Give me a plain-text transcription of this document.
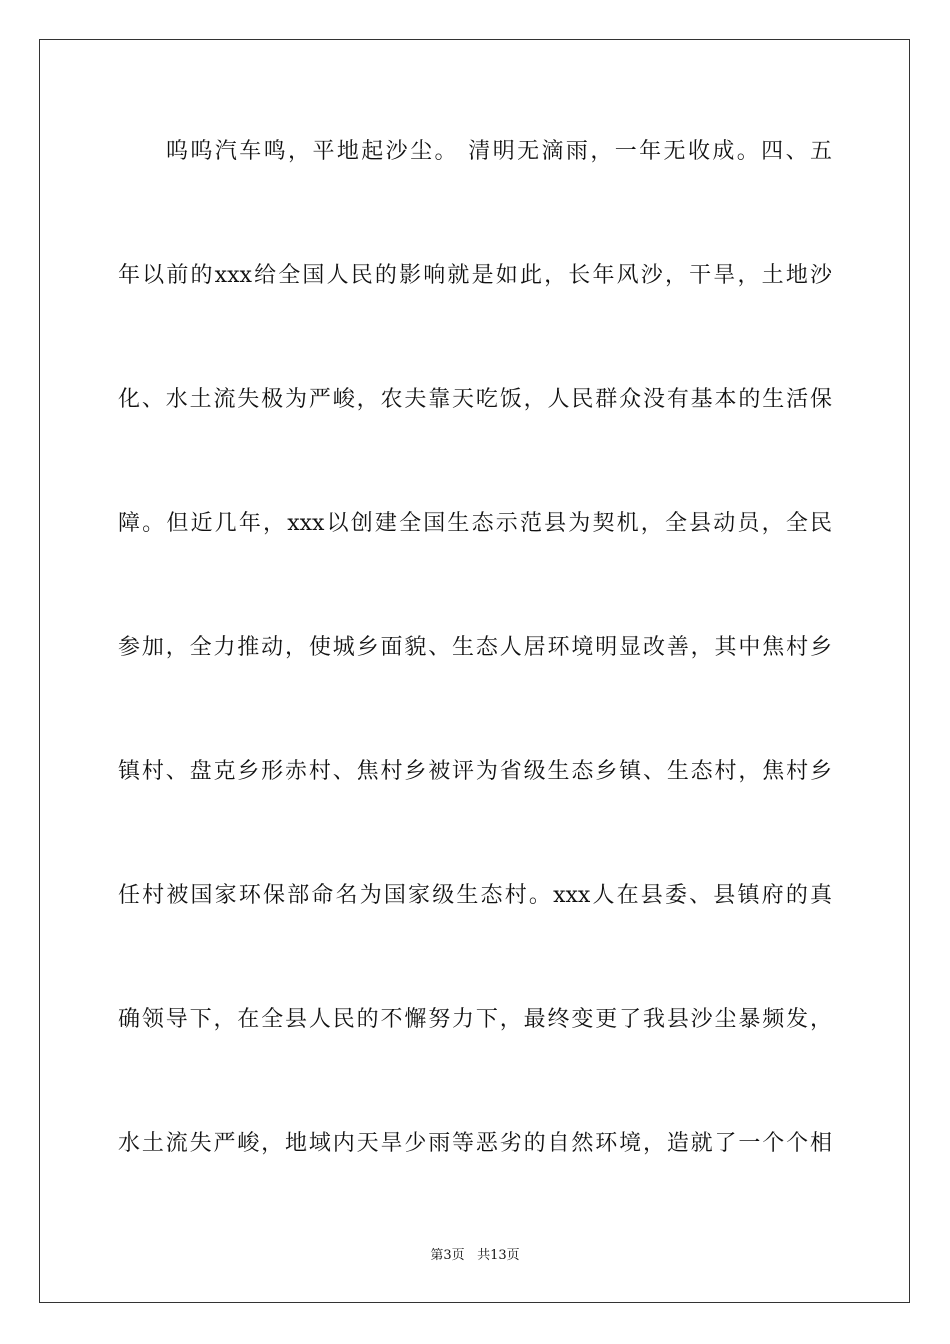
呜呜汽车鸣，平地起沙尘。 清明无滴雨，一年无收成。四、五

年以前的xxx给全国人民的影响就是如此，长年风沙，干旱，土地沙

化、水土流失极为严峻，农夫靠天吃饭，人民群众没有基本的生活保

障。但近几年，xxx以创建全国生态示范县为契机，全县动员，全民

参加，全力推动，使城乡面貌、生态人居环境明显改善，其中焦村乡

镇村、盘克乡形赤村、焦村乡被评为省级生态乡镇、生态村，焦村乡

任村被国家环保部命名为国家级生态村。xxx人在县委、县镇府的真

确领导下，在全县人民的不懈努力下，最终变更了我县沙尘暴频发，

水土流失严峻，地域内天旱少雨等恶劣的自然环境，造就了一个个相

第3页 共13页
